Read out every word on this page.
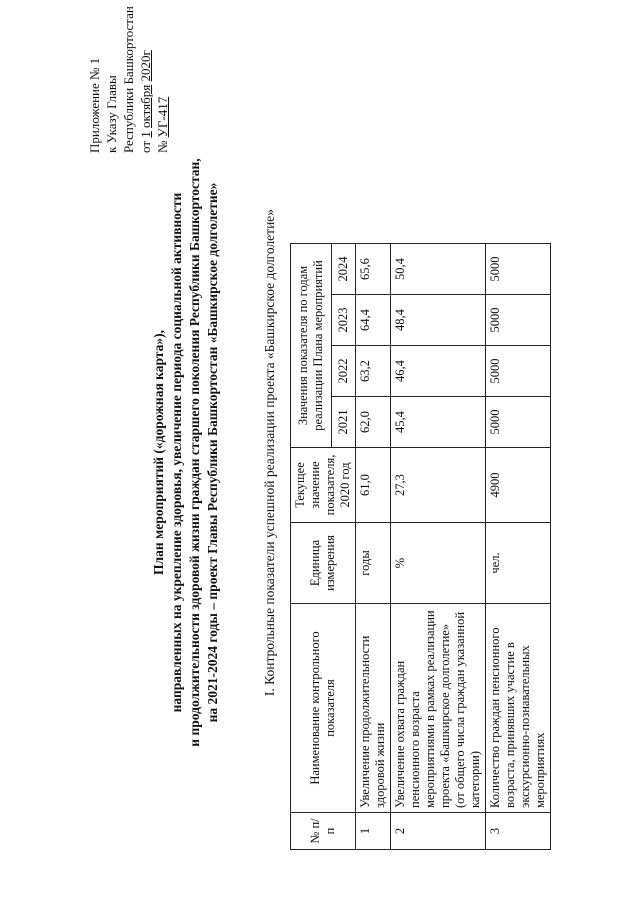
Приложение № 1 к Указу Главы Республики Башкортостан от 1 октября 2020г
№ УГ-417
План мероприятий («дорожная карта»), направленных на укрепление здоровья, увеличение периода социальной активности и продолжительности здоровой жизни граждан старшего поколения Республики Башкортостан, на 2021-2024 годы – проект Главы Республики Башкортостан «Башкирское долголетие»	I. Контрольные показатели успешной реализации проекта «Башкирское долголетие»
№ п/п	Наименование контрольного показателя	Единица измерения	Текущее значение показателя, 2020 год	Значения показателя по годам реализации Плана мероприятий			
				2021	2022	2023	2024
1	Увеличение продолжительности здоровой жизни	годы	61,0	62,0	63,2	64,4	65,6
2	Увеличение охвата граждан пенсионного возраста мероприятиями в рамках реализации проекта «Башкирское долголетие» (от общего числа граждан указанной категории)	%	27,3	45,4	46,4	48,4	50,4
3	Количество граждан пенсионного возраста, принявших участие в экскурсионно-познавательных мероприятиях	чел.	4900	5000	5000	5000	5000
